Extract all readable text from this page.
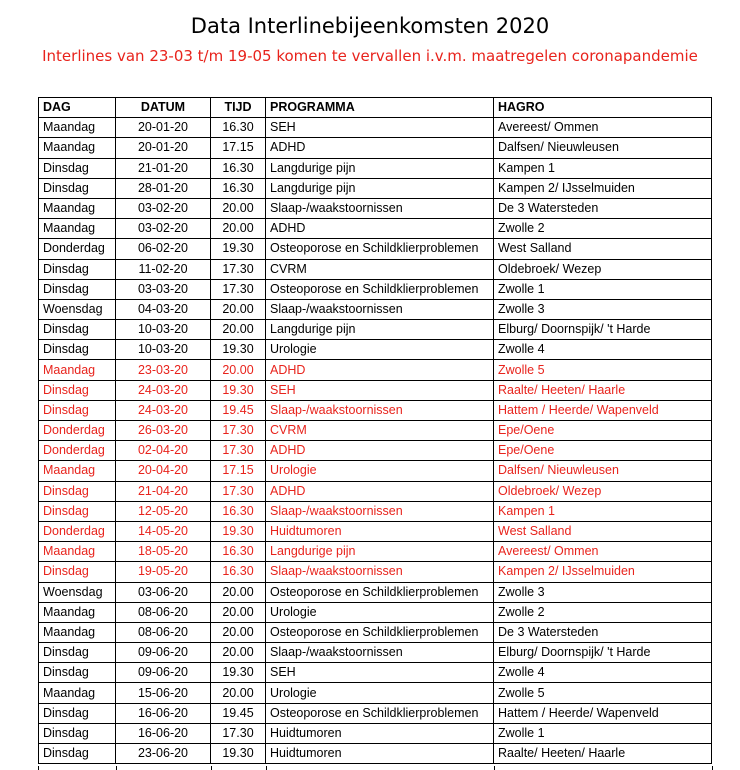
Data Interlinebijeenkomsten 2020
Interlines van 23-03 t/m 19-05 komen te vervallen i.v.m. maatregelen coronapandemie
DAG	DATUM	TIJD	PROGRAMMA	HAGRO
Maandag	20-01-20	16.30	SEH	Avereest/ Ommen
Maandag	20-01-20	17.15	ADHD	Dalfsen/ Nieuwleusen
Dinsdag	21-01-20	16.30	Langdurige pijn	Kampen 1
Dinsdag	28-01-20	16.30	Langdurige pijn	Kampen 2/ IJsselmuiden
Maandag	03-02-20	20.00	Slaap-/waakstoornissen	De 3 Watersteden
Maandag	03-02-20	20.00	ADHD	Zwolle 2
Donderdag	06-02-20	19.30	Osteoporose en Schildklierproblemen	West Salland
Dinsdag	11-02-20	17.30	CVRM	Oldebroek/ Wezep
Dinsdag	03-03-20	17.30	Osteoporose en Schildklierproblemen	Zwolle 1
Woensdag	04-03-20	20.00	Slaap-/waakstoornissen	Zwolle 3
Dinsdag	10-03-20	20.00	Langdurige pijn	Elburg/ Doornspijk/ 't Harde
Dinsdag	10-03-20	19.30	Urologie	Zwolle 4
Maandag	23-03-20	20.00	ADHD	Zwolle 5
Dinsdag	24-03-20	19.30	SEH	Raalte/ Heeten/ Haarle
Dinsdag	24-03-20	19.45	Slaap-/waakstoornissen	Hattem / Heerde/ Wapenveld
Donderdag	26-03-20	17.30	CVRM	Epe/Oene
Donderdag	02-04-20	17.30	ADHD	Epe/Oene
Maandag	20-04-20	17.15	Urologie	Dalfsen/ Nieuwleusen
Dinsdag	21-04-20	17.30	ADHD	Oldebroek/ Wezep
Dinsdag	12-05-20	16.30	Slaap-/waakstoornissen	Kampen 1
Donderdag	14-05-20	19.30	Huidtumoren	West Salland
Maandag	18-05-20	16.30	Langdurige pijn	Avereest/ Ommen
Dinsdag	19-05-20	16.30	Slaap-/waakstoornissen	Kampen 2/ IJsselmuiden
Woensdag	03-06-20	20.00	Osteoporose en Schildklierproblemen	Zwolle 3
Maandag	08-06-20	20.00	Urologie	Zwolle 2
Maandag	08-06-20	20.00	Osteoporose en Schildklierproblemen	De 3 Watersteden
Dinsdag	09-06-20	20.00	Slaap-/waakstoornissen	Elburg/ Doornspijk/ 't Harde
Dinsdag	09-06-20	19.30	SEH	Zwolle 4
Maandag	15-06-20	20.00	Urologie	Zwolle 5
Dinsdag	16-06-20	19.45	Osteoporose en Schildklierproblemen	Hattem / Heerde/ Wapenveld
Dinsdag	16-06-20	17.30	Huidtumoren	Zwolle 1
Dinsdag	23-06-20	19.30	Huidtumoren	Raalte/ Heeten/ Haarle
